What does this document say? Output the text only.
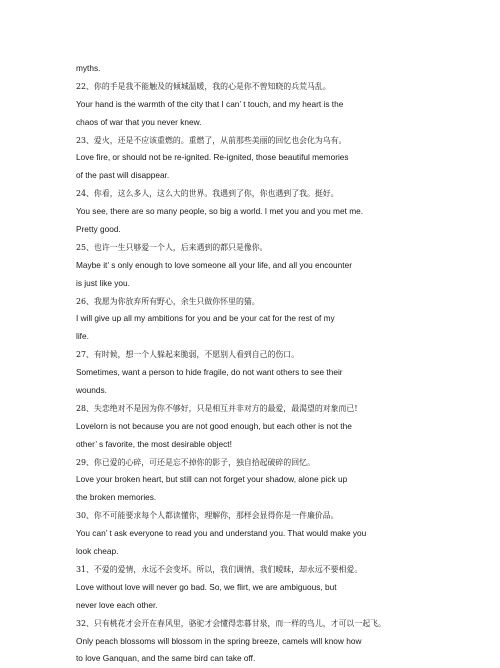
myths.
22、你的手是我不能触及的倾城温暖，我的心是你不曾知晓的兵荒马乱。
Your hand is the warmth of the city that I can’ t touch, and my heart is the
chaos of war that you never knew.
23、爱火，还是不应该重燃的。重燃了，从前那些美丽的回忆也会化为乌有。
Love fire, or should not be re-ignited. Re-ignited, those beautiful memories
of the past will disappear.
24、你看，这么多人，这么大的世界。我遇到了你，你也遇到了我。挺好。
You see, there are so many people, so big a world. I met you and you met me.
Pretty good.
25、也许一生只够爱一个人，后来遇到的都只是像你。
Maybe it’ s only enough to love someone all your life, and all you encounter
is just like you.
26、我愿为你放弃所有野心，余生只做你怀里的猫。
I will give up all my ambitions for you and be your cat for the rest of my
life.
27、有时候，想一个人躲起来脆弱，不愿别人看到自己的伤口。
Sometimes, want a person to hide fragile, do not want others to see their
wounds.
28、失恋绝对不是因为你不够好，只是相互并非对方的最爱，最渴望的对象而已!
Lovelorn is not because you are not good enough, but each other is not the
other’ s favorite, the most desirable object!
29、你已爱的心碎，可还是忘不掉你的影子，独自拾起破碎的回忆。
Love your broken heart, but still can not forget your shadow, alone pick up
the broken memories.
30、你不可能要求每个人都读懂你，理解你，那样会显得你是一件廉价品。
You can’ t ask everyone to read you and understand you. That would make you
look cheap.
31、不爱的爱情，永远不会变坏。所以，我们调情，我们暧昧，却永远不要相爱。
Love without love will never go bad. So, we flirt, we are ambiguous, but
never love each other.
32、只有桃花才会开在春风里，骆驼才会懂得恋暮甘泉，而一样的鸟儿，才可以一起飞。
Only peach blossoms will blossom in the spring breeze, camels will know how
to love Ganquan, and the same bird can take off.
